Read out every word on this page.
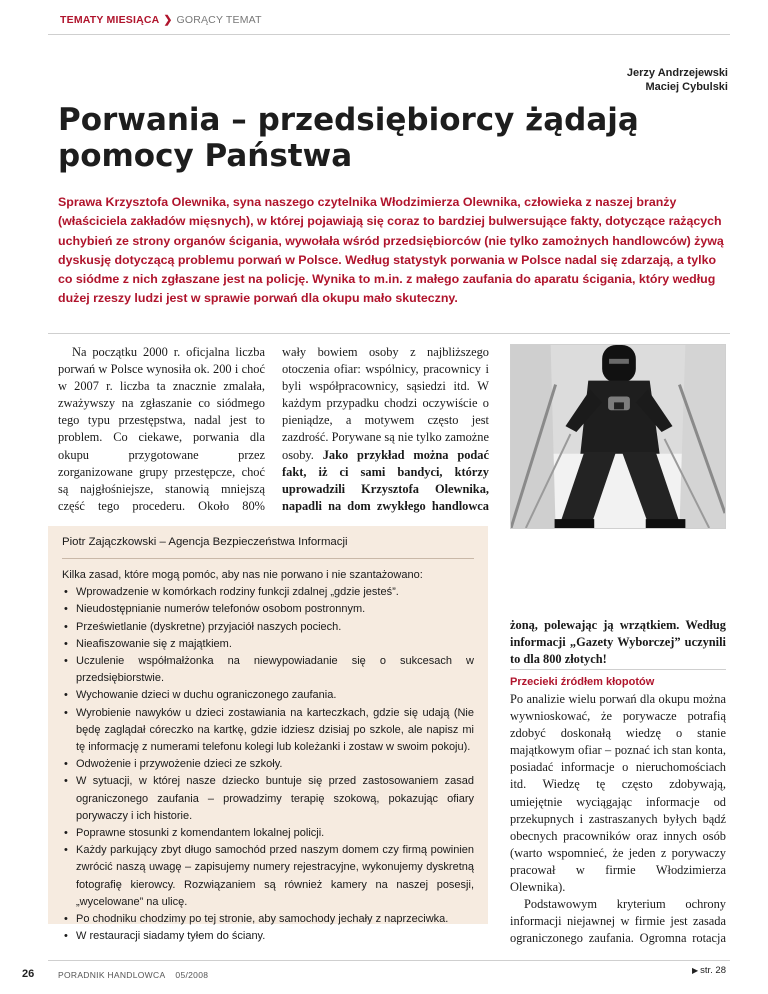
TEMATY MIESIĄCA ❯ GORĄCY TEMAT
Jerzy Andrzejewski
Maciej Cybulski
Porwania – przedsiębiorcy żądają pomocy Państwa
Sprawa Krzysztofa Olewnika, syna naszego czytelnika Włodzimierza Olewnika, człowieka z naszej branży (właściciela zakładów mięsnych), w której pojawiają się coraz to bardziej bulwersujące fakty, dotyczące rażących uchybień ze strony organów ścigania, wywołała wśród przedsiębiorców (nie tylko zamożnych handlowców) żywą dyskusję dotyczącą problemu porwań w Polsce. Według statystyk porwania w Polsce nadal się zdarzają, a tylko co siódme z nich zgłaszane jest na policję. Wynika to m.in. z małego zaufania do aparatu ścigania, który według dużej rzeszy ludzi jest w sprawie porwań dla okupu mało skuteczny.

Na początku 2000 r. oficjalna liczba porwań w Polsce wynosiła ok. 200 i choć w 2007 r. liczba ta znacznie zmalała, zważywszy na zgłaszanie co siódmego tego typu przestępstwa, nadal jest to problem. Co ciekawe, porwania dla okupu przygotowane przez zorganizowane grupy przestępcze, choć są najgłośniejsze, stanowią mniejszą część tego procederu. Około 80%

wały bowiem osoby z najbliższego otoczenia ofiar: wspólnicy, pracownicy i byli współpracownicy, sąsiedzi itd. W każdym przypadku chodzi oczywiście o pieniądze, a motywem często jest zazdrość. Porywane są nie tylko zamożne osoby. Jako przykład można podać fakt, iż ci sami bandyci, którzy uprowadzili Krzysztofa Olewnika, napadli na dom zwykłego handlowca
Piotr Zajączkowski – Agencja Bezpieczeństwa Informacji
Kilka zasad, które mogą pomóc, aby nas nie porwano i nie szantażowano:
• Wprowadzenie w komórkach rodziny funkcji zdalnej „gdzie jesteś”.
• Nieudostępnianie numerów telefonów osobom postronnym.
• Prześwietlanie (dyskretne) przyjaciół naszych pociech.
• Nieafiszowanie się z majątkiem.
• Uczulenie współmałżonka na niewypowiadanie się o sukcesach w przedsiębiorstwie.
• Wychowanie dzieci w duchu ograniczonego zaufania.
• Wyrobienie nawyków u dzieci zostawiania na karteczkach, gdzie się udają (Nie będę zaglądał córeczko na kartkę, gdzie idziesz dzisiaj po szkole, ale napisz mi tę informację z numerami telefonu kolegi lub koleżanki i zostaw w swoim pokoju).
• Odwożenie i przywożenie dzieci ze szkoły.
• W sytuacji, w której nasze dziecko buntuje się przed zastosowaniem zasad ograniczonego zaufania – prowadzimy terapię szokową, pokazując ofiary porywaczy i ich historie.
• Poprawne stosunki z komendantem lokalnej policji.
• Każdy parkujący zbyt długo samochód przed naszym domem czy firmą powinien zwrócić naszą uwagę – zapisujemy numery rejestracyjne, wykonujemy dyskretną fotografię kierowcy. Rozwiązaniem są również kamery na naszej posesji, „wycelowane” na ulicę.
• Po chodniku chodzimy po tej stronie, aby samochody jechały z naprzeciwka.
• W restauracji siadamy tyłem do ściany.
żoną, polewając ją wrzątkiem. Według informacji „Gazety Wyborczej” uczynili to dla 800 złotych!
Przecieki źródłem kłopotów

Po analizie wielu porwań dla okupu można wywnioskować, że porywacze potrafią zdobyć doskonałą wiedzę o stanie majątkowym ofiar – poznać ich stan konta, posiadać informacje o nieruchomościach itd. Wiedzę tę często zdobywają, umiejętnie wyciągając informacje od przekupnych i zastraszanych byłych bądź obecnych pracowników oraz innych osób (warto wspomnieć, że jeden z porywaczy pracował w firmie Włodzimierza Olewnika).

Podstawowym kryterium ochrony informacji niejawnej w firmie jest zasada ograniczonego zaufania. Ogromna rotacja

26	PORADNIK HANDLOWCA 05/2008	▶ str. 28
